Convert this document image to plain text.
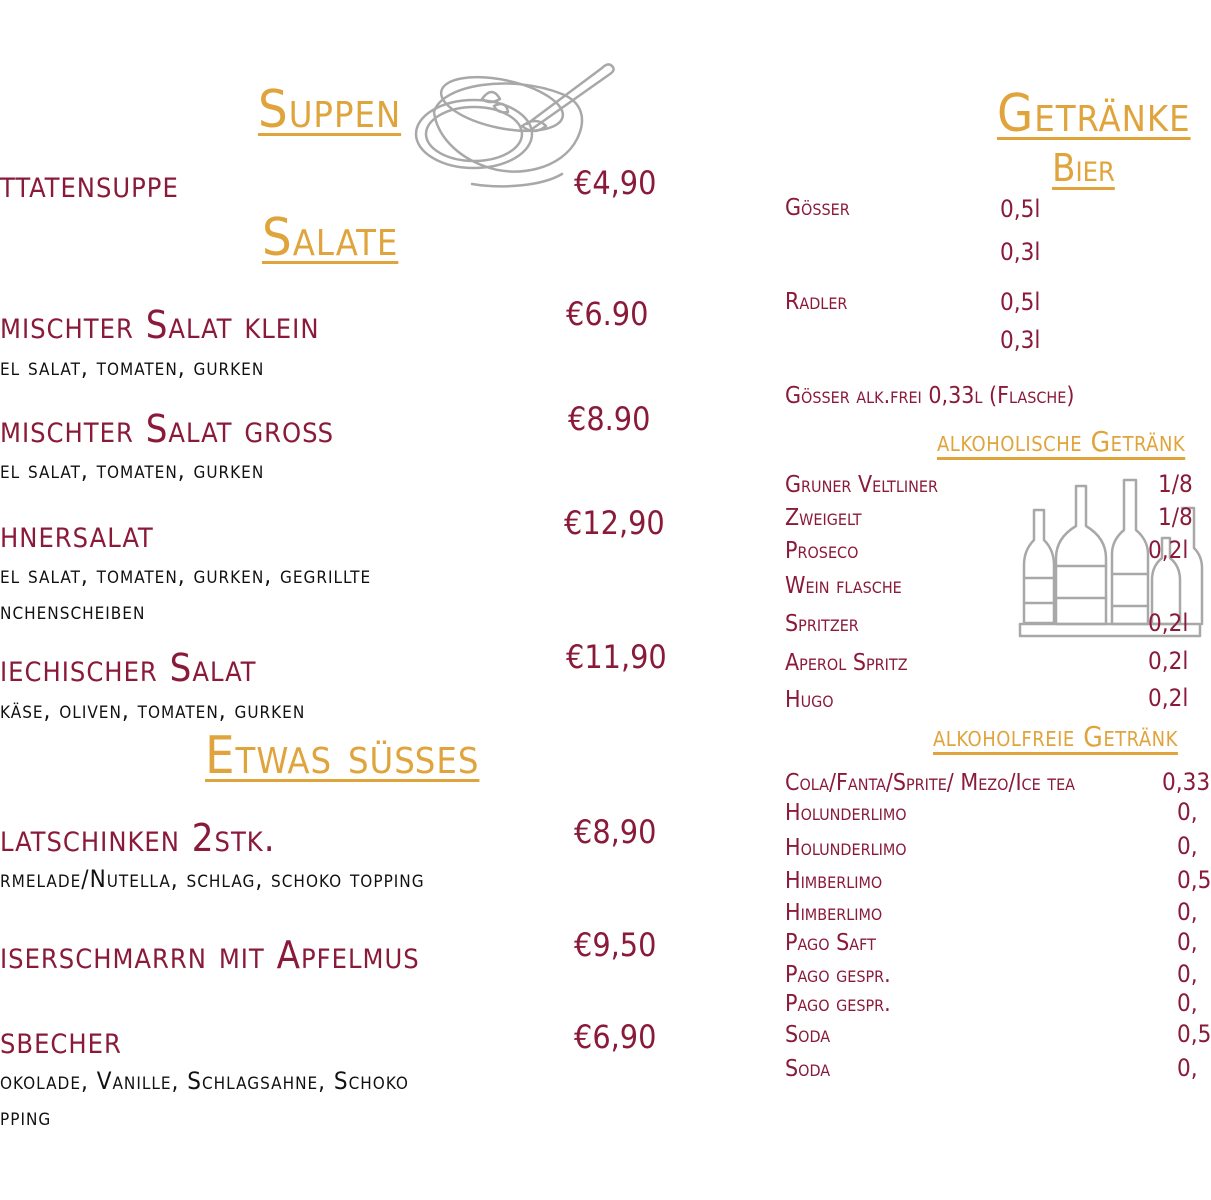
Suppen
ttatensuppe	€4,90
Salate
mischter Salat klein
el salat, tomaten, gurken
€6.90
mischter Salat groß
el salat, tomaten, gurken
€8.90
hnersalat
el salat, tomaten, gurken, gegrillte
nchenscheiben
€12,90
iechischer Salat
käse, oliven, tomaten, gurken
€11,90
Etwas süßes
latschinken 2stk.
rmelade/Nutella, schlag, schoko topping
€8,90
iserschmarrn mit Apfelmus	€9,50
sbecher
okolade, Vanille, Schlagsahne, Schoko
pping
€6,90
Getränke
Bier
Gösser	0,5l
0,3l
Radler	0,5l
0,3l
Gösser alk.frei 0,33l (Flasche)
alkoholische Getränk
Gruner Veltliner	1/8
Zweigelt	1/8
Proseco	0,2l
Wein flasche
Spritzer	0,2l
Aperol Spritz	0,2l
Hugo	0,2l
alkoholfreie Getränk
Cola/Fanta/Sprite/ Mezo/Ice tea	0,33
Holunderlimo	0,
Holunderlimo	0,
Himberlimo	0,5
Himberlimo	0,
Pago Saft	0,
Pago gespr.	0,
Pago gespr.	0,
Soda	0,5
Soda	0,
